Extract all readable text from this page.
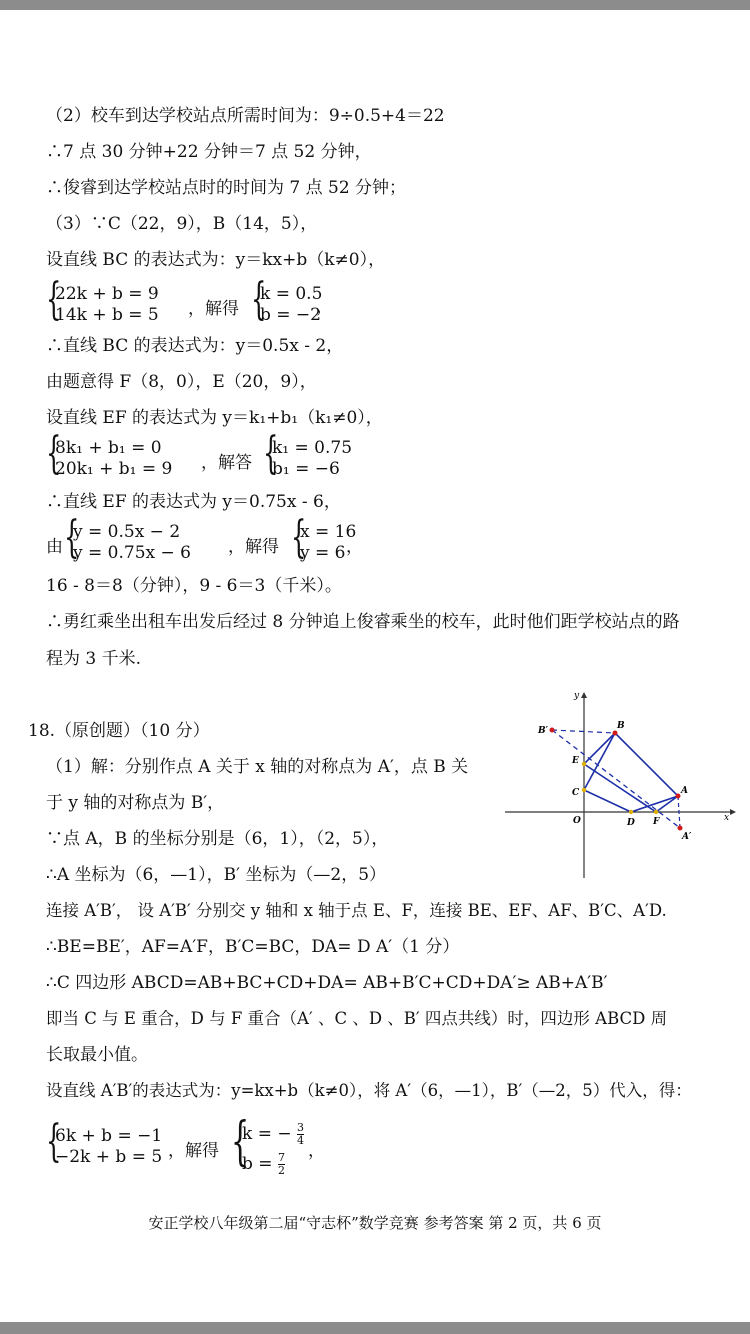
（2）校车到达学校站点所需时间为：9÷0.5+4＝22
∴7 点 30 分钟+22 分钟＝7 点 52 分钟，
∴俊睿到达学校站点时的时间为 7 点 52 分钟；
（3）∵C（22，9），B（14，5），
设直线 BC 的表达式为：y＝kx+b（k≠0），
{
22k + b = 9
14k + b = 5 ，解得 {
k = 0.5
b = −2
，
∴直线 BC 的表达式为：y＝0.5x - 2，
由题意得 F（8，0），E（20，9），
设直线 EF 的表达式为 y＝k₁+b₁（k₁≠0），
{
8k₁ + b₁ = 0
20k₁ + b₁ = 9 ，解答 {
k₁ = 0.75
b₁ = −6
∴直线 EF 的表达式为 y＝0.75x - 6，
由 {
y = 0.5x − 2
y = 0.75x − 6 ，解得 {
x = 16
y = 6 ，
16 - 8＝8（分钟），9 - 6＝3（千米）。
∴勇红乘坐出租车出发后经过 8 分钟追上俊睿乘坐的校车，此时他们距学校站点的路
程为 3 千米.
18.（原创题）（10 分）
（1）解：分别作点 A 关于 x 轴的对称点为 A′，点 B 关
于 y 轴的对称点为 B′，
∵点 A，B 的坐标分别是（6，1），（2，5），
∴A 坐标为（6，—1），B′ 坐标为（—2，5）
连接 A′B′， 设 A′B′ 分别交 y 轴和 x 轴于点 E、F，连接 BE、EF、AF、B′C、A′D.
∴BE=BE′，AF=A′F，B′C=BC，DA= D A′（1 分）
∴C 四边形 ABCD=AB+BC+CD+DA= AB+B′C+CD+DA′≥ AB+A′B′
即当 C 与 E 重合，D 与 F 重合（A′ 、C 、D 、B′ 四点共线）时，四边形 ABCD 周
长取最小值。
设直线 A′B′的表达式为：y=kx+b（k≠0），将 A′（6，—1），B′（—2，5）代入，得：
{
6k + b = −1
−2k + b = 5 ，解得 {
k = − $\frac{3}{4}$
$b = \frac{7}{2}$
，
y
x
O
B′	B
E
C	A
D F
A′
安正学校八年级第二届“守志杯”数学竞赛 参考答案 第 2 页，共 6 页
